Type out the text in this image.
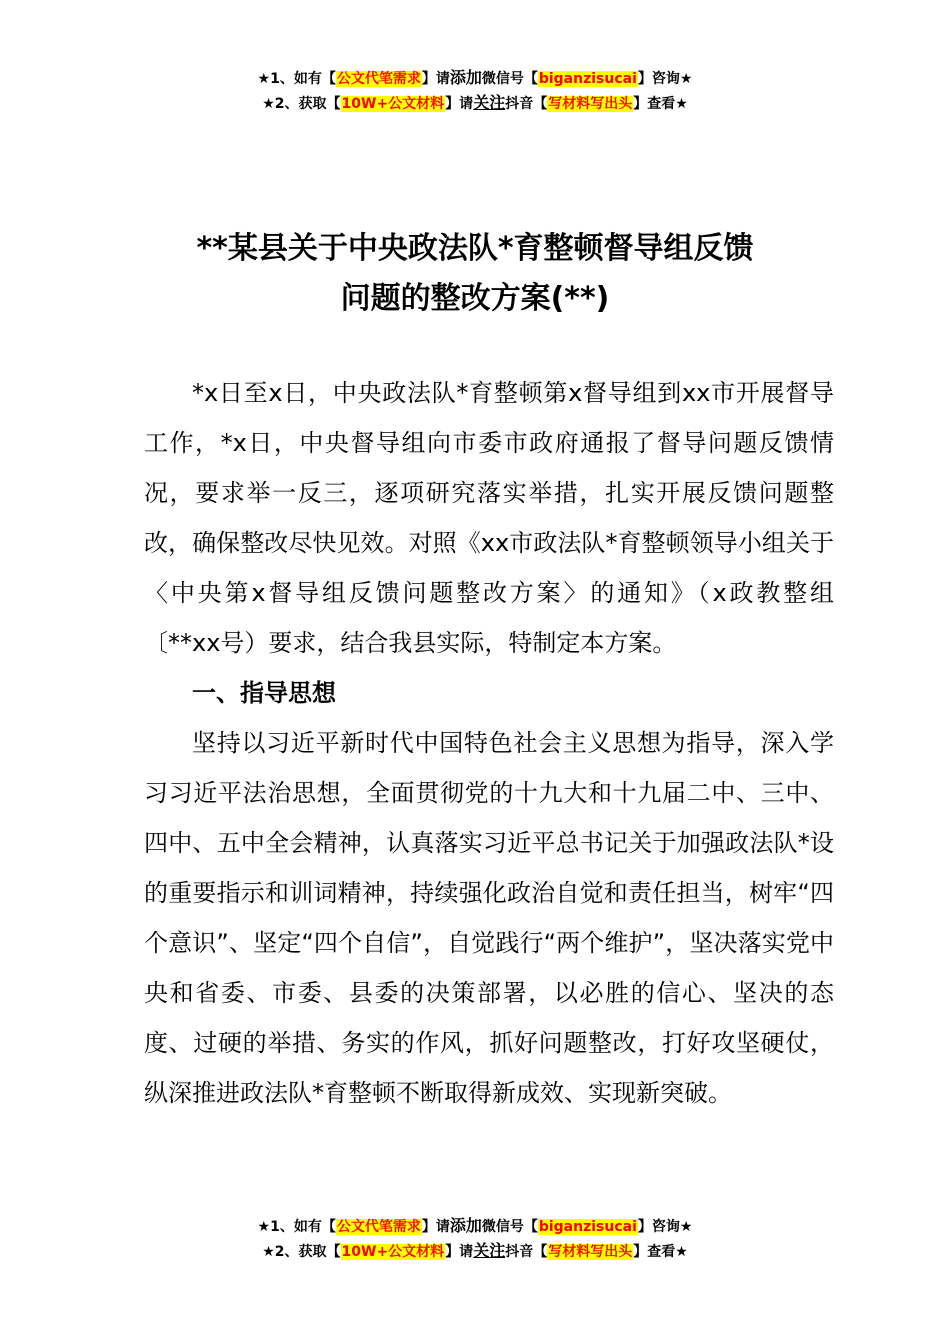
★1、如有【公文代笔需求】请添加微信号【biganzisucai】咨询★
★2、获取【10W+公文材料】请关注抖音【写材料写出头】查看★
**某县关于中央政法队*育整顿督导组反馈
问题的整改方案(**)

*x日至x日，中央政法队*育整顿第x督导组到xx市开展督导工作，*x日，中央督导组向市委市政府通报了督导问题反馈情况，要求举一反三，逐项研究落实举措，扎实开展反馈问题整改，确保整改尽快见效。对照《xx市政法队*育整顿领导小组关于〈中央第x督导组反馈问题整改方案〉的通知》（x政教整组〔**xx号）要求，结合我县实际，特制定本方案。

一、指导思想

坚持以习近平新时代中国特色社会主义思想为指导，深入学习习近平法治思想，全面贯彻党的十九大和十九届二中、三中、四中、五中全会精神，认真落实习近平总书记关于加强政法队*设的重要指示和训词精神，持续强化政治自觉和责任担当，树牢“四个意识”、坚定“四个自信”，自觉践行“两个维护”，坚决落实党中央和省委、市委、县委的决策部署，以必胜的信心、坚决的态度、过硬的举措、务实的作风，抓好问题整改，打好攻坚硬仗，纵深推进政法队*育整顿不断取得新成效、实现新突破。

★1、如有【公文代笔需求】请添加微信号【biganzisucai】咨询★
★2、获取【10W+公文材料】请关注抖音【写材料写出头】查看★
